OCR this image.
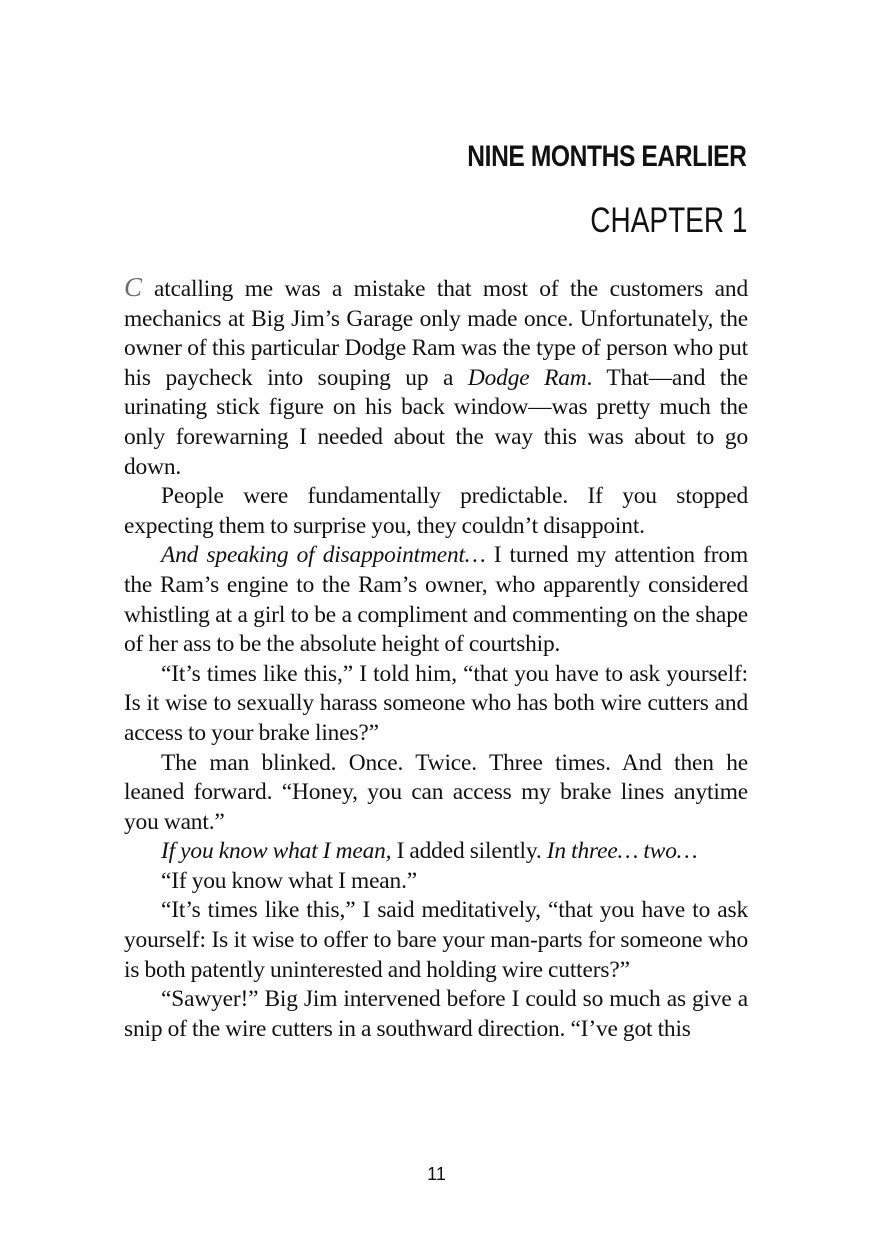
NINE MONTHS EARLIER
CHAPTER 1

C atcalling me was a mistake that most of the customers and mechanics at Big Jim’s Garage only made once. Unfortunately, the owner of this particular Dodge Ram was the type of person who put his paycheck into souping up a Dodge Ram. That—and the urinating stick figure on his back window—was pretty much the only forewarning I needed about the way this was about to go down.

People were fundamentally predictable. If you stopped expecting them to surprise you, they couldn’t disappoint.

And speaking of disappointment… I turned my attention from the Ram’s engine to the Ram’s owner, who apparently considered whistling at a girl to be a compliment and commenting on the shape of her ass to be the absolute height of courtship.

“It’s times like this,” I told him, “that you have to ask yourself: Is it wise to sexually harass someone who has both wire cutters and access to your brake lines?”

The man blinked. Once. Twice. Three times. And then he leaned forward. “Honey, you can access my brake lines anytime you want.”

If you know what I mean, I added silently. In three… two…

“If you know what I mean.”

“It’s times like this,” I said meditatively, “that you have to ask yourself: Is it wise to offer to bare your man-parts for someone who is both patently uninterested and holding wire cutters?”

“Sawyer!” Big Jim intervened before I could so much as give a snip of the wire cutters in a southward direction. “I’ve got this

11
